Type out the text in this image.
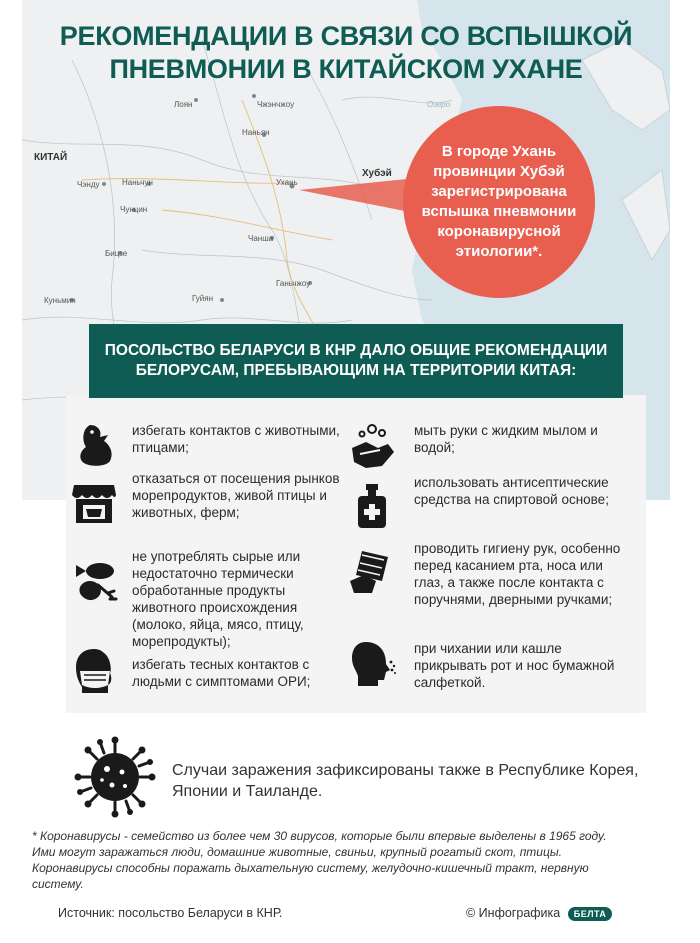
КИТАЙ
Лоян	Чжэнчжоу
Наньян
Хубэй
Чэнду	Наньчун	Ухань
Чунцин
Чанша
Бицзе
Ганьчжоу
Гуйян
Куньмин
Озеро

РЕКОМЕНДАЦИИ В СВЯЗИ СО ВСПЫШКОЙ

ПНЕВМОНИИ В КИТАЙСКОМ УХАНЕ

В городе Ухань провинции Хубэй зарегистрирована вспышка пневмонии коронавирусной этиологии*.
ПОСОЛЬСТВО БЕЛАРУСИ В КНР ДАЛО ОБЩИЕ РЕКОМЕНДАЦИИ БЕЛОРУСАМ, ПРЕБЫВАЮЩИМ НА ТЕРРИТОРИИ КИТАЯ:
избегать контактов с животными, птицами;
отказаться от посещения рынков морепродуктов, живой птицы и животных, ферм;
не употреблять сырые или недостаточно термически обработанные продукты животного происхождения (молоко, яйца, мясо, птицу, морепродукты);
избегать тесных контактов с людьми с симптомами ОРИ;
мыть руки с жидким мылом и водой;
использовать антисептические средства на спиртовой основе;
проводить гигиену рук, особенно перед касанием рта, носа или глаз, а также после контакта с поручнями, дверными ручками;
при чихании или кашле прикрывать рот и нос бумажной салфеткой.
Случаи заражения зафиксированы также в Республике Корея, Японии и Таиланде.
* Коронавирусы - семейство из более чем 30 вирусов, которые были впервые выделены в 1965 году. Ими могут заражаться люди, домашние животные, свиньи, крупный рогатый скот, птицы. Коронавирусы способны поражать дыхательную систему, желудочно-кишечный тракт, нервную систему.
Источник: посольство Беларуси в КНР.	© Инфографика БЕЛТА
